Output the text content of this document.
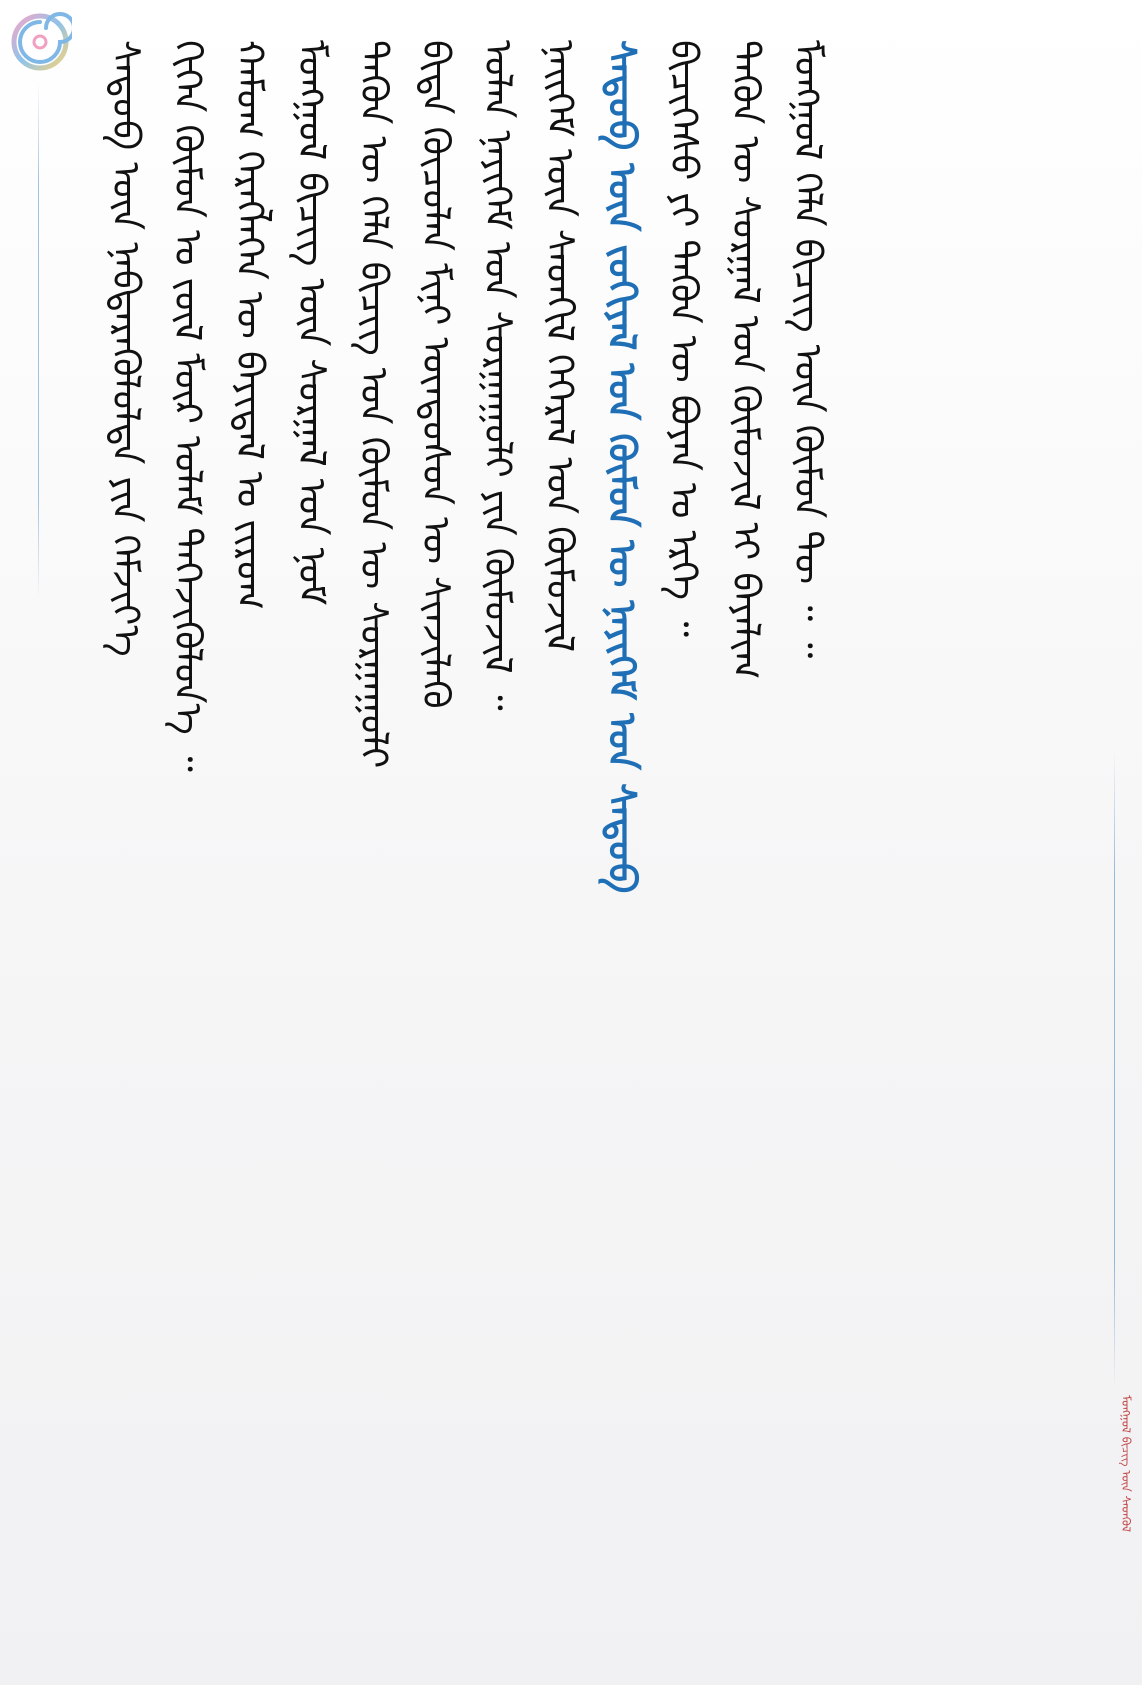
ᠰᠡᠳᠦᠪ ᠦᠨ ᠨᠡᠪᠳᠡᠷᠡᠭᠦᠯᠦᠯᠳᠡ ᠶᠢᠨ ᠬᠡᠮᠵᠢᠶ᠎ᠡ ᠭᠢᠭᠡᠨ ᠬᠦᠮᠦᠨ ᠤ ᠵᠦᠯ ᠮᠦᠷ ᠤᠯᠠᠮ ᠳᠡᠭᠡᠵᠢᠭᠦᠯᠦᠨ᠎ᠡ ᠃ ᠬᠠᠮᠤᠭ ᠬᠡᠷᠡᠭᠯᠡᠭᠡᠨ ᠦ ᠪᠠᠶᠢᠳᠠᠯ ᠤ ᠵᠢᠷᠤᠭ ᠮᠣᠩᠭᠣᠯ ᠪᠢᠴᠢᠭ ᠦᠨ ᠰᠤᠷᠭᠠᠯ ᠤᠨ ᠨᠣᠮ ᠲᠡᠭᠦᠨ ᠦ ᠬᠡᠯᠡ ᠪᠢᠴᠢᠭ ᠤᠨ ᠬᠦᠮᠦᠨ ᠦ ᠰᠤᠷᠭᠠᠭᠤᠯᠢ ᠪᠢᠳᠡ ᠬᠦᠴᠦᠯᠡᠨ ᠮᠢᠨᠢ ᠦᠨᠳᠦᠰᠦᠨ ᠦ ᠰᠢᠨᠵᠢᠯᠡᠬᠦ ᠤᠯᠠᠨ ᠨᠡᠶᠢᠭᠡᠮ ᠤᠨ ᠰᠤᠷᠭᠠᠭᠤᠯᠢ ᠶᠢᠨ ᠬᠦᠮᠦᠵᠢᠯ ᠃ ᠨᠡᠢᠭᠡᠮ ᠦᠨ ᠰᠡᠳᠬᠢᠯ ᠭᠡᠭᠡᠷᠡᠯ ᠤᠨ ᠬᠦᠮᠦᠵᠢᠯ ᠰᠡᠳᠦᠪ ᠦᠨ ᠵᠣᠬᠢᠶᠠᠯ ᠤᠨ ᠬᠦᠮᠦᠨ ᠦ ᠨᠡᠶᠢᠭᠡᠮ ᠤᠨ ᠰᠡᠳᠦᠪ ᠪᠢᠴᠢᠭᠡᠰᠦ ᠶᠢ ᠲᠡᠭᠦᠨ ᠦ ᠪᠤᠶᠠᠨ ᠤ ᠡᠷᠬᠡ ᠃ ᠲᠡᠭᠦᠨ ᠦ ᠰᠤᠷᠭᠠᠯ ᠤᠨ ᠬᠦᠮᠦᠵᠢᠯ ᠢ ᠪᠠᠶᠠᠯᠢᠭ ᠮᠣᠩᠭᠣᠯ ᠬᠡᠯᠡ ᠪᠢᠴᠢᠭ ᠦᠨ ᠬᠦᠮᠦᠨ ᠲᠦ ᠃ ᠃
ᠮᠣᠩᠭᠣᠯ ᠪᠢᠴᠢᠭ ᠦᠨ ᠰᠡᠳᠬᠦᠯ
